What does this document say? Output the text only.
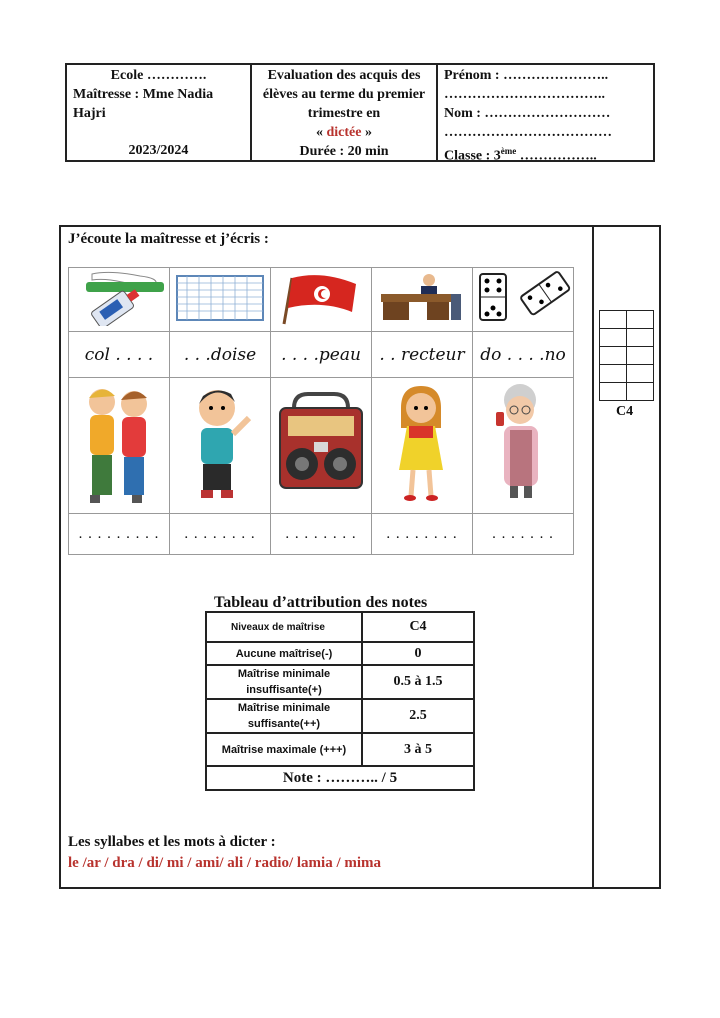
Ecole ………….
Maîtresse : Mme Nadia Hajri
2023/2024
Evaluation des acquis des élèves au terme du premier trimestre en
« dictée »
Durée : 20 min
Prénom : …………………..
……………………………..
Nom : ………………………
………………………………
Classe : 3ème ……………..
J’écoute la maîtresse et j’écris :

col . . . .	. . .doise	. . . .peau	. . recteur	do . . . .no

. . . . . . . . .	. . . . . . . .	. . . . . . . .	. . . . . . . .	. . . . . . .

C4
Tableau d’attribution des notes
Niveaux de maîtrise	C4
Aucune maîtrise(-)	0
Maîtrise minimale insuffisante(+)	0.5 à 1.5
Maîtrise minimale suffisante(++)	2.5
Maîtrise maximale (+++)	3 à 5
Note : ……….. / 5	
Les syllabes et les mots à dicter :
le /ar / dra / di/ mi / ami/ ali / radio/ lamia / mima
